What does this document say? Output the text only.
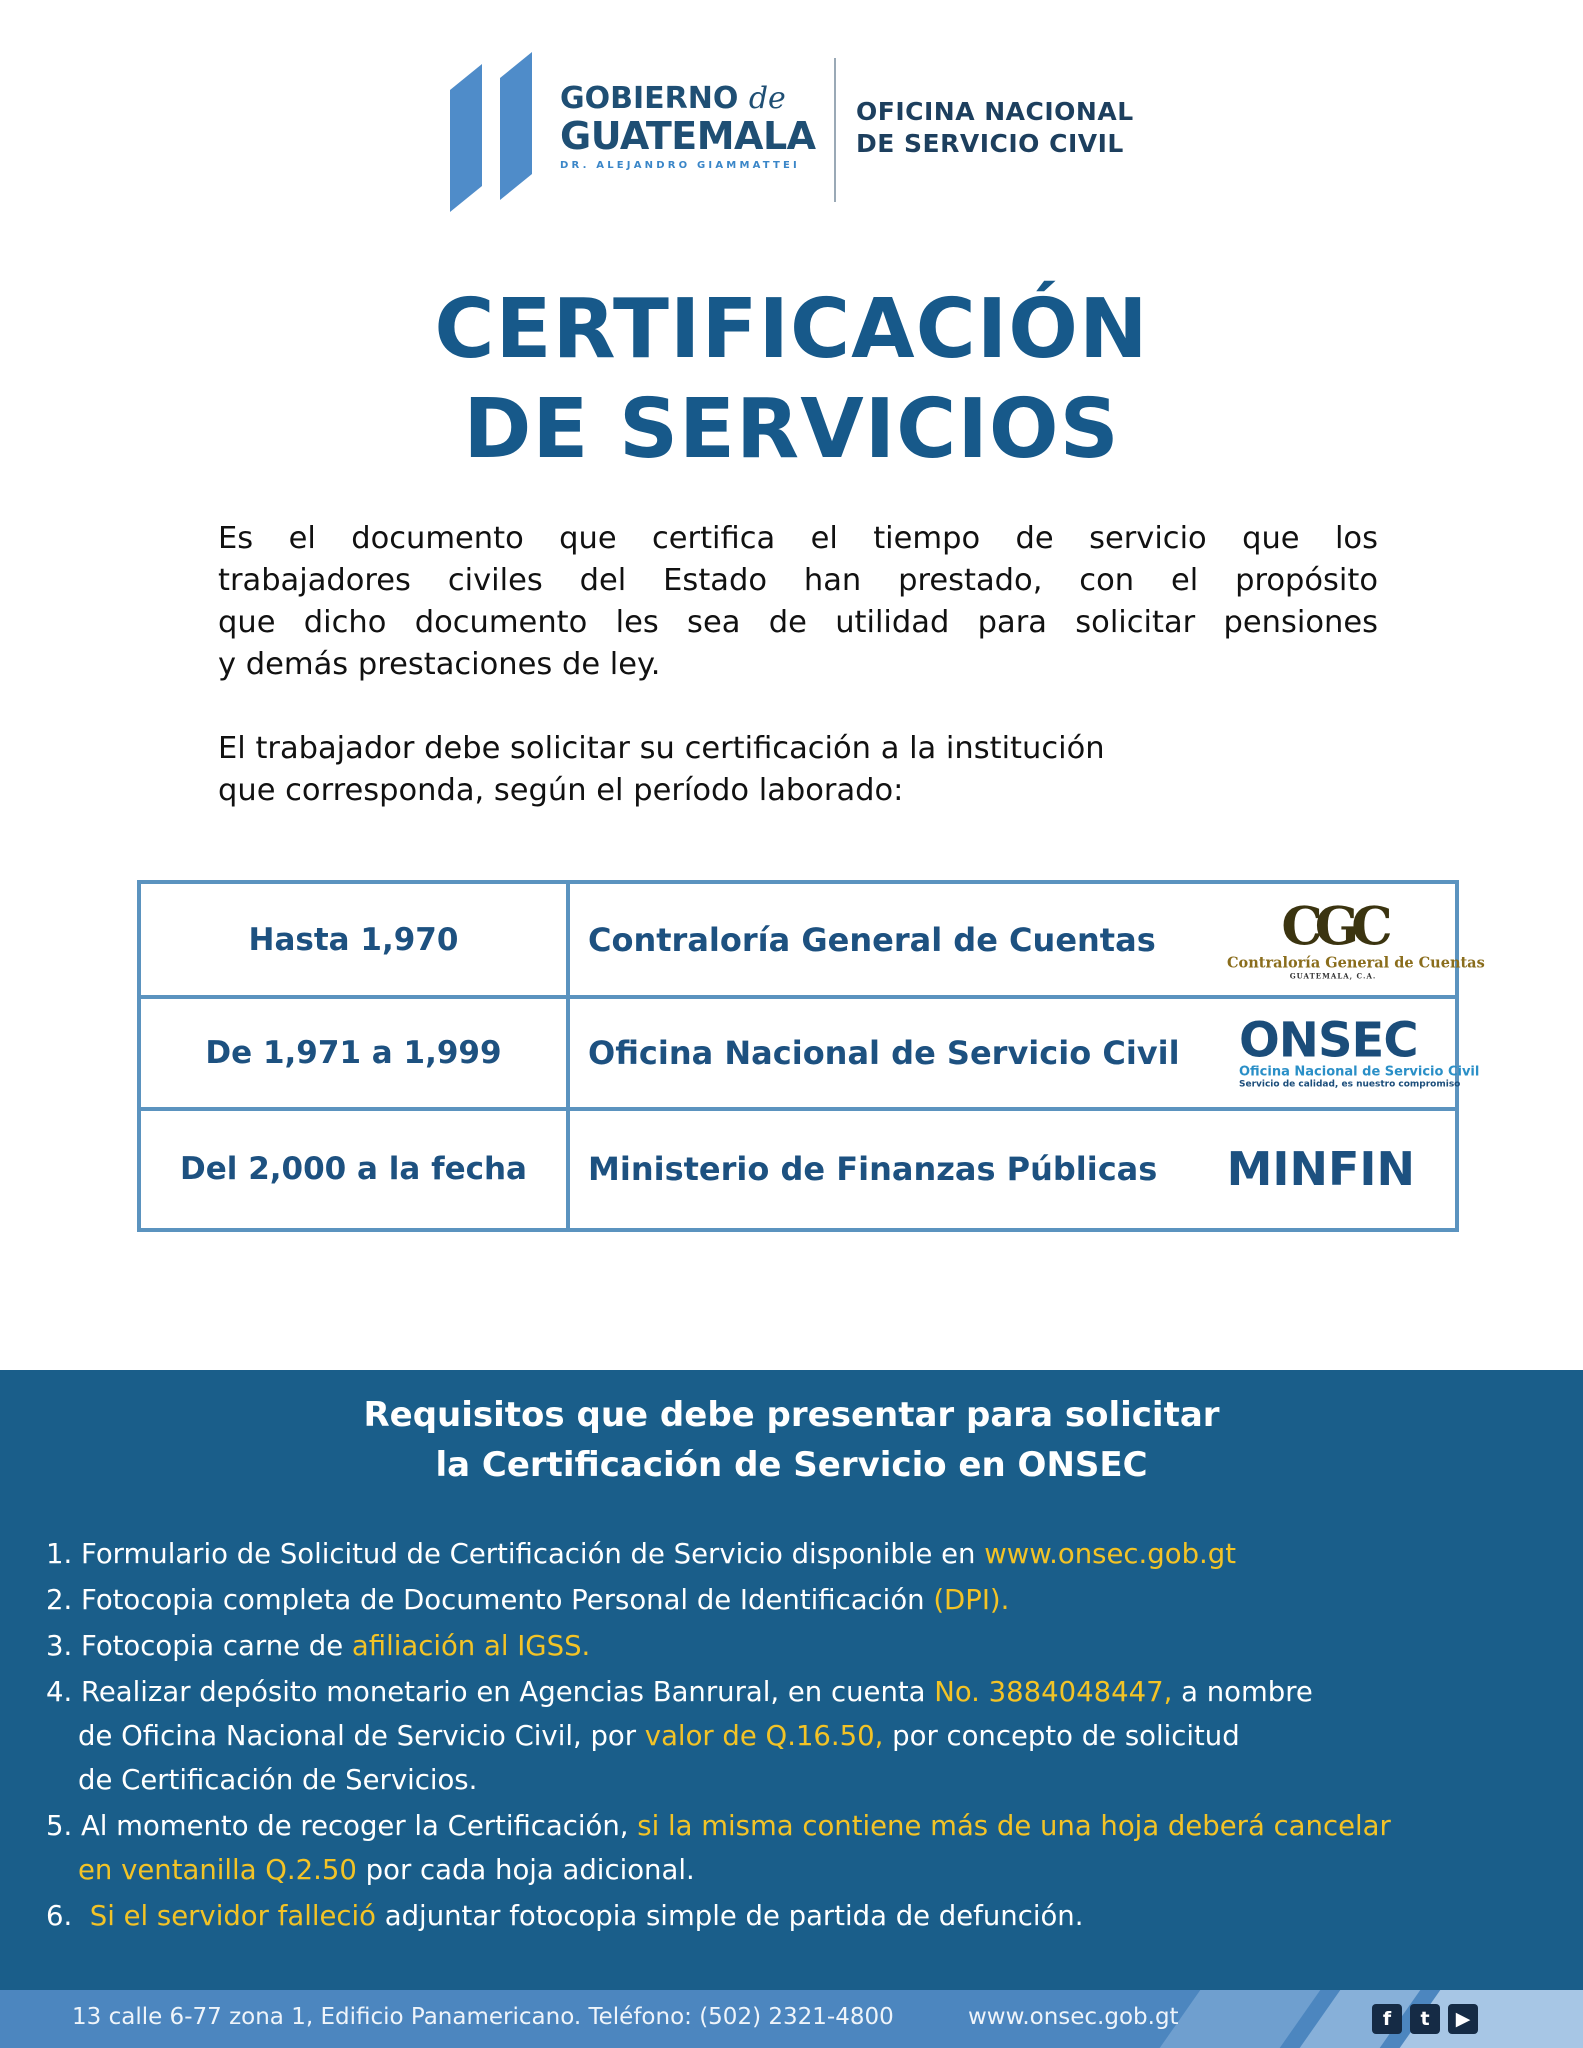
GOBIERNO de
GUATEMALA
DR. ALEJANDRO GIAMMATTEI
OFICINA NACIONAL
DE SERVICIO CIVIL
CERTIFICACIÓN
DE SERVICIOS

Es el documento que certifica el tiempo de servicio que los
trabajadores civiles del Estado han prestado, con el propósito
que dicho documento les sea de utilidad para solicitar pensiones
y demás prestaciones de ley.

El trabajador debe solicitar su certificación a la institución
que corresponda, según el período laborado:

Hasta 1,970	Contraloría General de Cuentas CGC
Contraloría General de Cuentas
GUATEMALA, C.A.

De 1,971 a 1,999	Oficina Nacional de Servicio Civil ONSEC
Oficina Nacional de Servicio Civil
Servicio de calidad, es nuestro compromiso

Del 2,000 a la fecha	Ministerio de Finanzas Públicas MINFIN
Requisitos que debe presentar para solicitar
la Certificación de Servicio en ONSEC
1. Formulario de Solicitud de Certificación de Servicio disponible en www.onsec.gob.gt
2. Fotocopia completa de Documento Personal de Identificación (DPI).
3. Fotocopia carne de afiliación al IGSS.
4. Realizar depósito monetario en Agencias Banrural, en cuenta No. 3884048447, a nombre
de Oficina Nacional de Servicio Civil, por valor de Q.16.50, por concepto de solicitud
de Certificación de Servicios.
5. Al momento de recoger la Certificación, si la misma contiene más de una hoja deberá cancelar
en ventanilla Q.2.50 por cada hoja adicional.
6. Si el servidor falleció adjuntar fotocopia simple de partida de defunción.
13 calle 6-77 zona 1, Edificio Panamericano. Teléfono: (502) 2321-4800	www.onsec.gob.gt	f	t	▶
